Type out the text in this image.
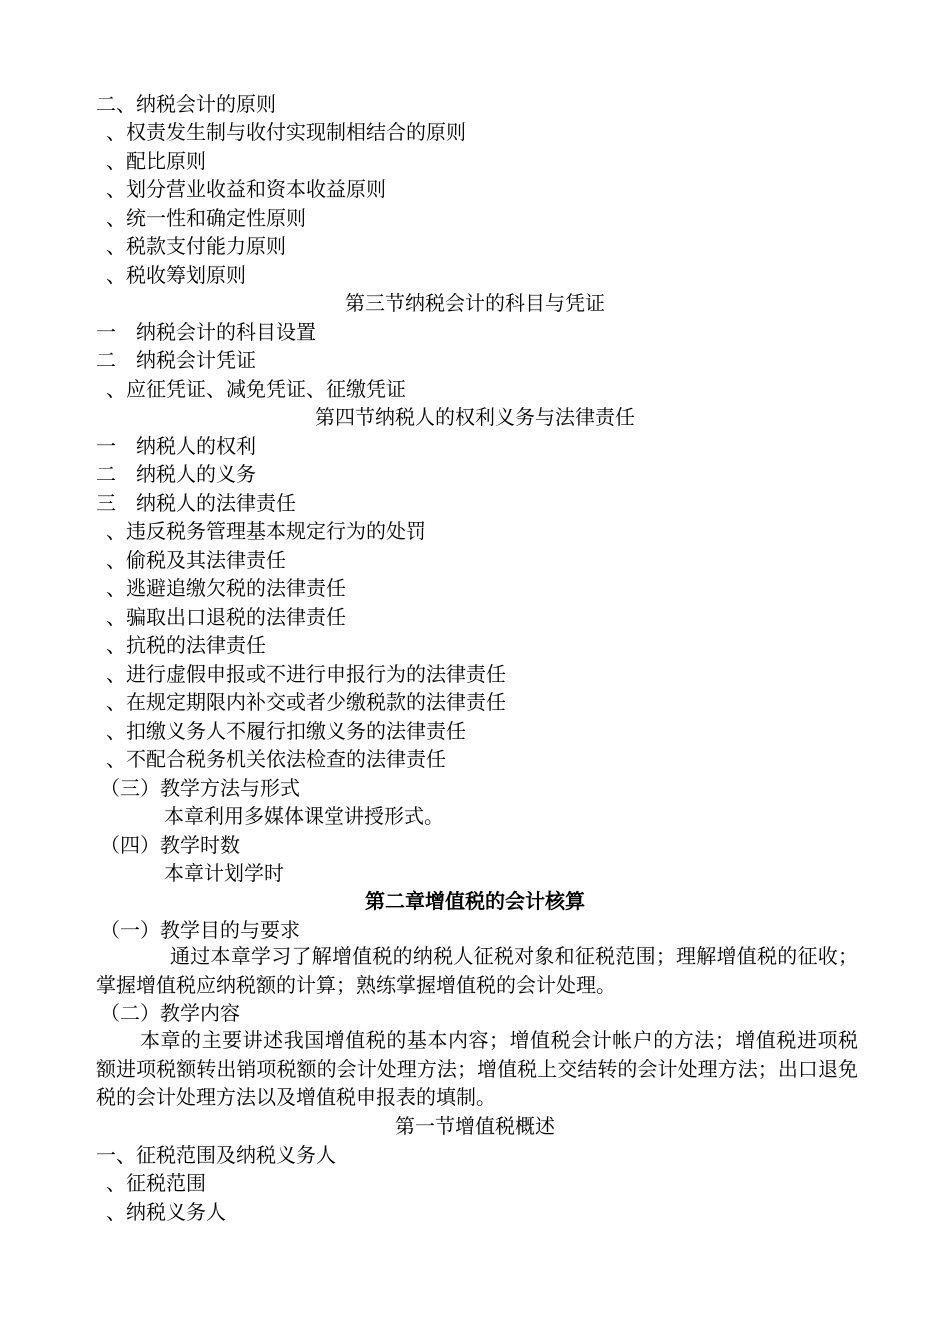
二、纳税会计的原则
、权责发生制与收付实现制相结合的原则
、配比原则
、划分营业收益和资本收益原则
、统一性和确定性原则
、税款支付能力原则
、税收筹划原则
第三节纳税会计的科目与凭证
一　纳税会计的科目设置
二　纳税会计凭证
、应征凭证、减免凭证、征缴凭证
第四节纳税人的权利义务与法律责任
一　纳税人的权利
二　纳税人的义务
三　纳税人的法律责任
、违反税务管理基本规定行为的处罚
、偷税及其法律责任
、逃避追缴欠税的法律责任
、骗取出口退税的法律责任
、抗税的法律责任
、进行虚假申报或不进行申报行为的法律责任
、在规定期限内补交或者少缴税款的法律责任
、扣缴义务人不履行扣缴义务的法律责任
、不配合税务机关依法检查的法律责任
（三）教学方法与形式
本章利用多媒体课堂讲授形式。
（四）教学时数
本章计划学时
第二章增值税的会计核算
（一）教学目的与要求
通过本章学习了解增值税的纳税人征税对象和征税范围；理解增值税的征收；掌握增值税应纳税额的计算；熟练掌握增值税的会计处理。
（二）教学内容
本章的主要讲述我国增值税的基本内容；增值税会计帐户的方法；增值税进项税额进项税额转出销项税额的会计处理方法；增值税上交结转的会计处理方法；出口退免税的会计处理方法以及增值税申报表的填制。
第一节增值税概述
一、征税范围及纳税义务人
、征税范围
、纳税义务人
